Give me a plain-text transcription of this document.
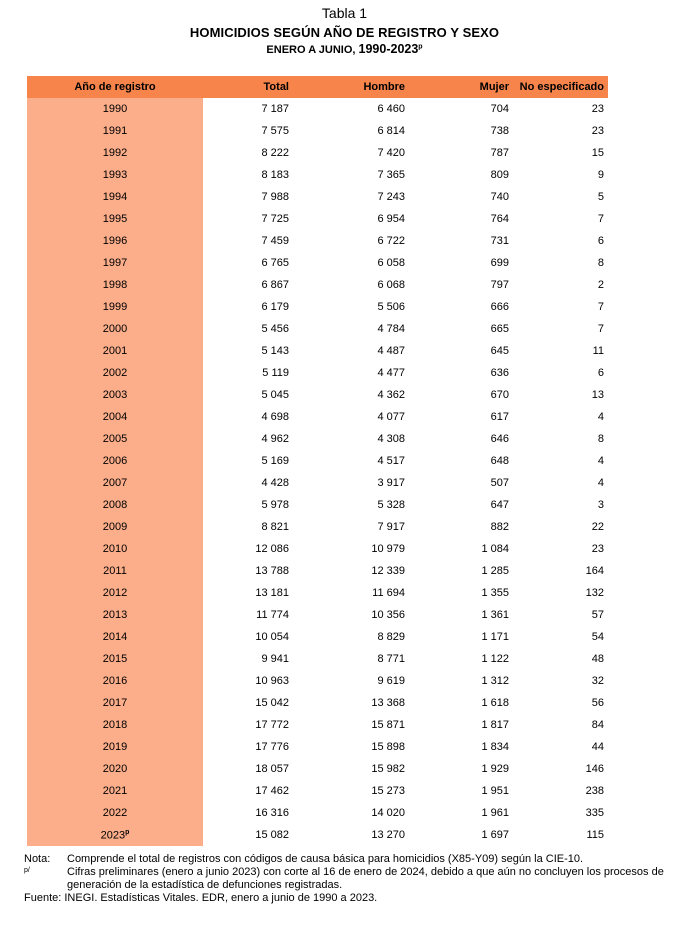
Tabla 1
HOMICIDIOS SEGÚN AÑO DE REGISTRO Y SEXO
ENERO A JUNIO, 1990-2023$^p$
Año de registro	Total	Hombre	Mujer	No especificado
1990	7 187	6 460	704	23
1991	7 575	6 814	738	23
1992	8 222	7 420	787	15
1993	8 183	7 365	809	9
1994	7 988	7 243	740	5
1995	7 725	6 954	764	7
1996	7 459	6 722	731	6
1997	6 765	6 058	699	8
1998	6 867	6 068	797	2
1999	6 179	5 506	666	7
2000	5 456	4 784	665	7
2001	5 143	4 487	645	11
2002	5 119	4 477	636	6
2003	5 045	4 362	670	13
2004	4 698	4 077	617	4
2005	4 962	4 308	646	8
2006	5 169	4 517	648	4
2007	4 428	3 917	507	4
2008	5 978	5 328	647	3
2009	8 821	7 917	882	22
2010	12 086	10 979	1 084	23
2011	13 788	12 339	1 285	164
2012	13 181	11 694	1 355	132
2013	11 774	10 356	1 361	57
2014	10 054	8 829	1 171	54
2015	9 941	8 771	1 122	48
2016	10 963	9 619	1 312	32
2017	15 042	13 368	1 618	56
2018	17 772	15 871	1 817	84
2019	17 776	15 898	1 834	44
2020	18 057	15 982	1 929	146
2021	17 462	15 273	1 951	238
2022	16 316	14 020	1 961	335
2023$^p$	15 082	13 270	1 697	115
Nota:	Comprende el total de registros con códigos de causa básica para homicidios (X85-Y09) según la CIE-10.
p/	Cifras preliminares (enero a junio 2023) con corte al 16 de enero de 2024, debido a que aún no concluyen los procesos de generación de la estadística de defunciones registradas.
Fuente:
INEGI. Estadísticas Vitales. EDR, enero a junio de 1990 a 2023.
